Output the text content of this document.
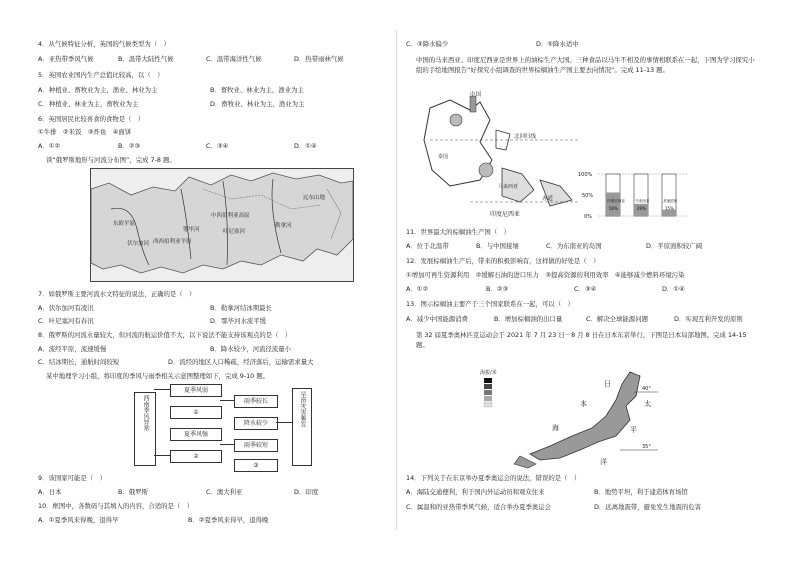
4．从气候特征分析，英国的气候类型为（　）
A．亚热带季风气候	B．温带大陆性气候	C．温带海洋性气候	D．热带雨林气候
5．英国农业国内生产总值比较高，以（　）
A．种植业、畜牧业为主，渔业、林业为主	B．畜牧业、林业为主，渔业为主
C．种植业、林业为主，畜牧业为主	D．畜牧业、林业为主，渔业为主
6．英国居民比较喜食的食物是（　）
①牛排　②米饭　③炸鱼　④面饼
A．①②	B．②③	C．③④	D．①④
读“俄罗斯地形与河流分布图”，完成 7-8 题。
东欧平原
伏尔加河 西西伯利亚平原
中西伯利亚高原
叶尼塞河
勒拿河
鄂毕河
远东山地
7．如俄罗斯主要河流水文特征的说法，正确的是（　）
A．伏尔加河有凌汛	B．勒拿河结冰期最长
C．叶尼塞河有春汛	D．鄂毕河水流平缓
8．俄罗斯的河流水量较大，但河流的航运价值不大，以下说法不能支持该观点的是（　）
A．流经平原，流速缓慢	B．降水较少，河流径流量小
C．结冰期长，通航时间较短	D．流经的地区人口稀疏，经济落后，运输需求量大
某中地理学习小组，将印度的季风与雨季相关示意图整理如下，完成 9-10 题。
西南季风异常
夏季风弱
①
夏季风强
②
雨季较长
降水较少
雨季较短
③
旱涝灾害频发
9．该国家可能是（　）
A．日本	B．俄罗斯	C．澳大利亚	D．印度
10．框图中，各数码与其填入的内容，合适的是（　）
A．①夏季风来得晚，退得早	B．②夏季风来得早，退得晚
C．③降水偏少	D．⑤降水适中
中国的马来西亚、印度尼西亚是世界上的油棕生产大国。三种食品以马牛不相及的事情相联系在一起，下图为学习探究小组的手绘地图报告“好探究小组调查的世界棕榈油生产国主要去向情况”。完成 11-13 题。
中国
北回归线
赤道
印度尼西亚
马来西亚
泰国
100%
50%
0%
印度尼西亚
56%
马来西亚
29%
其他国家
15%
11．世界最大的棕榈油生产国（　）
A．位于北温带	B．与中国接壤	C．为东南亚的岛国	D．平原面积较广阔
12．发展棕榈油生产后，带来的积极影响有，这样做的好处是（　）
①增加可再生资源利用　②缓解石油的进口压力　③提高资源的利用效率　④能够减少燃料环境污染
A．①②	B．②③	C．③④	D．①④
13．图示棕榈油主要产于三个国家联系在一起，可以（　）
A．减少中国能源消费	B．增加棕榈油的出口量	C．解决全球能源问题	D．实现互利开发的原则
第 32 届夏季奥林匹克运动会于 2021 年 7 月 23 日－8 月 8 日在日本东京举行，下图是日本局部地图。完成 14-15 题。
海拔/米
日
本
海
太
平
洋
40°
35°
14．下列关于在东京举办夏季奥运会的说法，错误的是（　）
A．海陆交通便利，利于国内外运动员和观众往来	B．地势平坦，利于建造体育场馆
C．属温和的亚热带季风气候，适合举办夏季奥运会	D．远离地震带，避免发生地震的危害
